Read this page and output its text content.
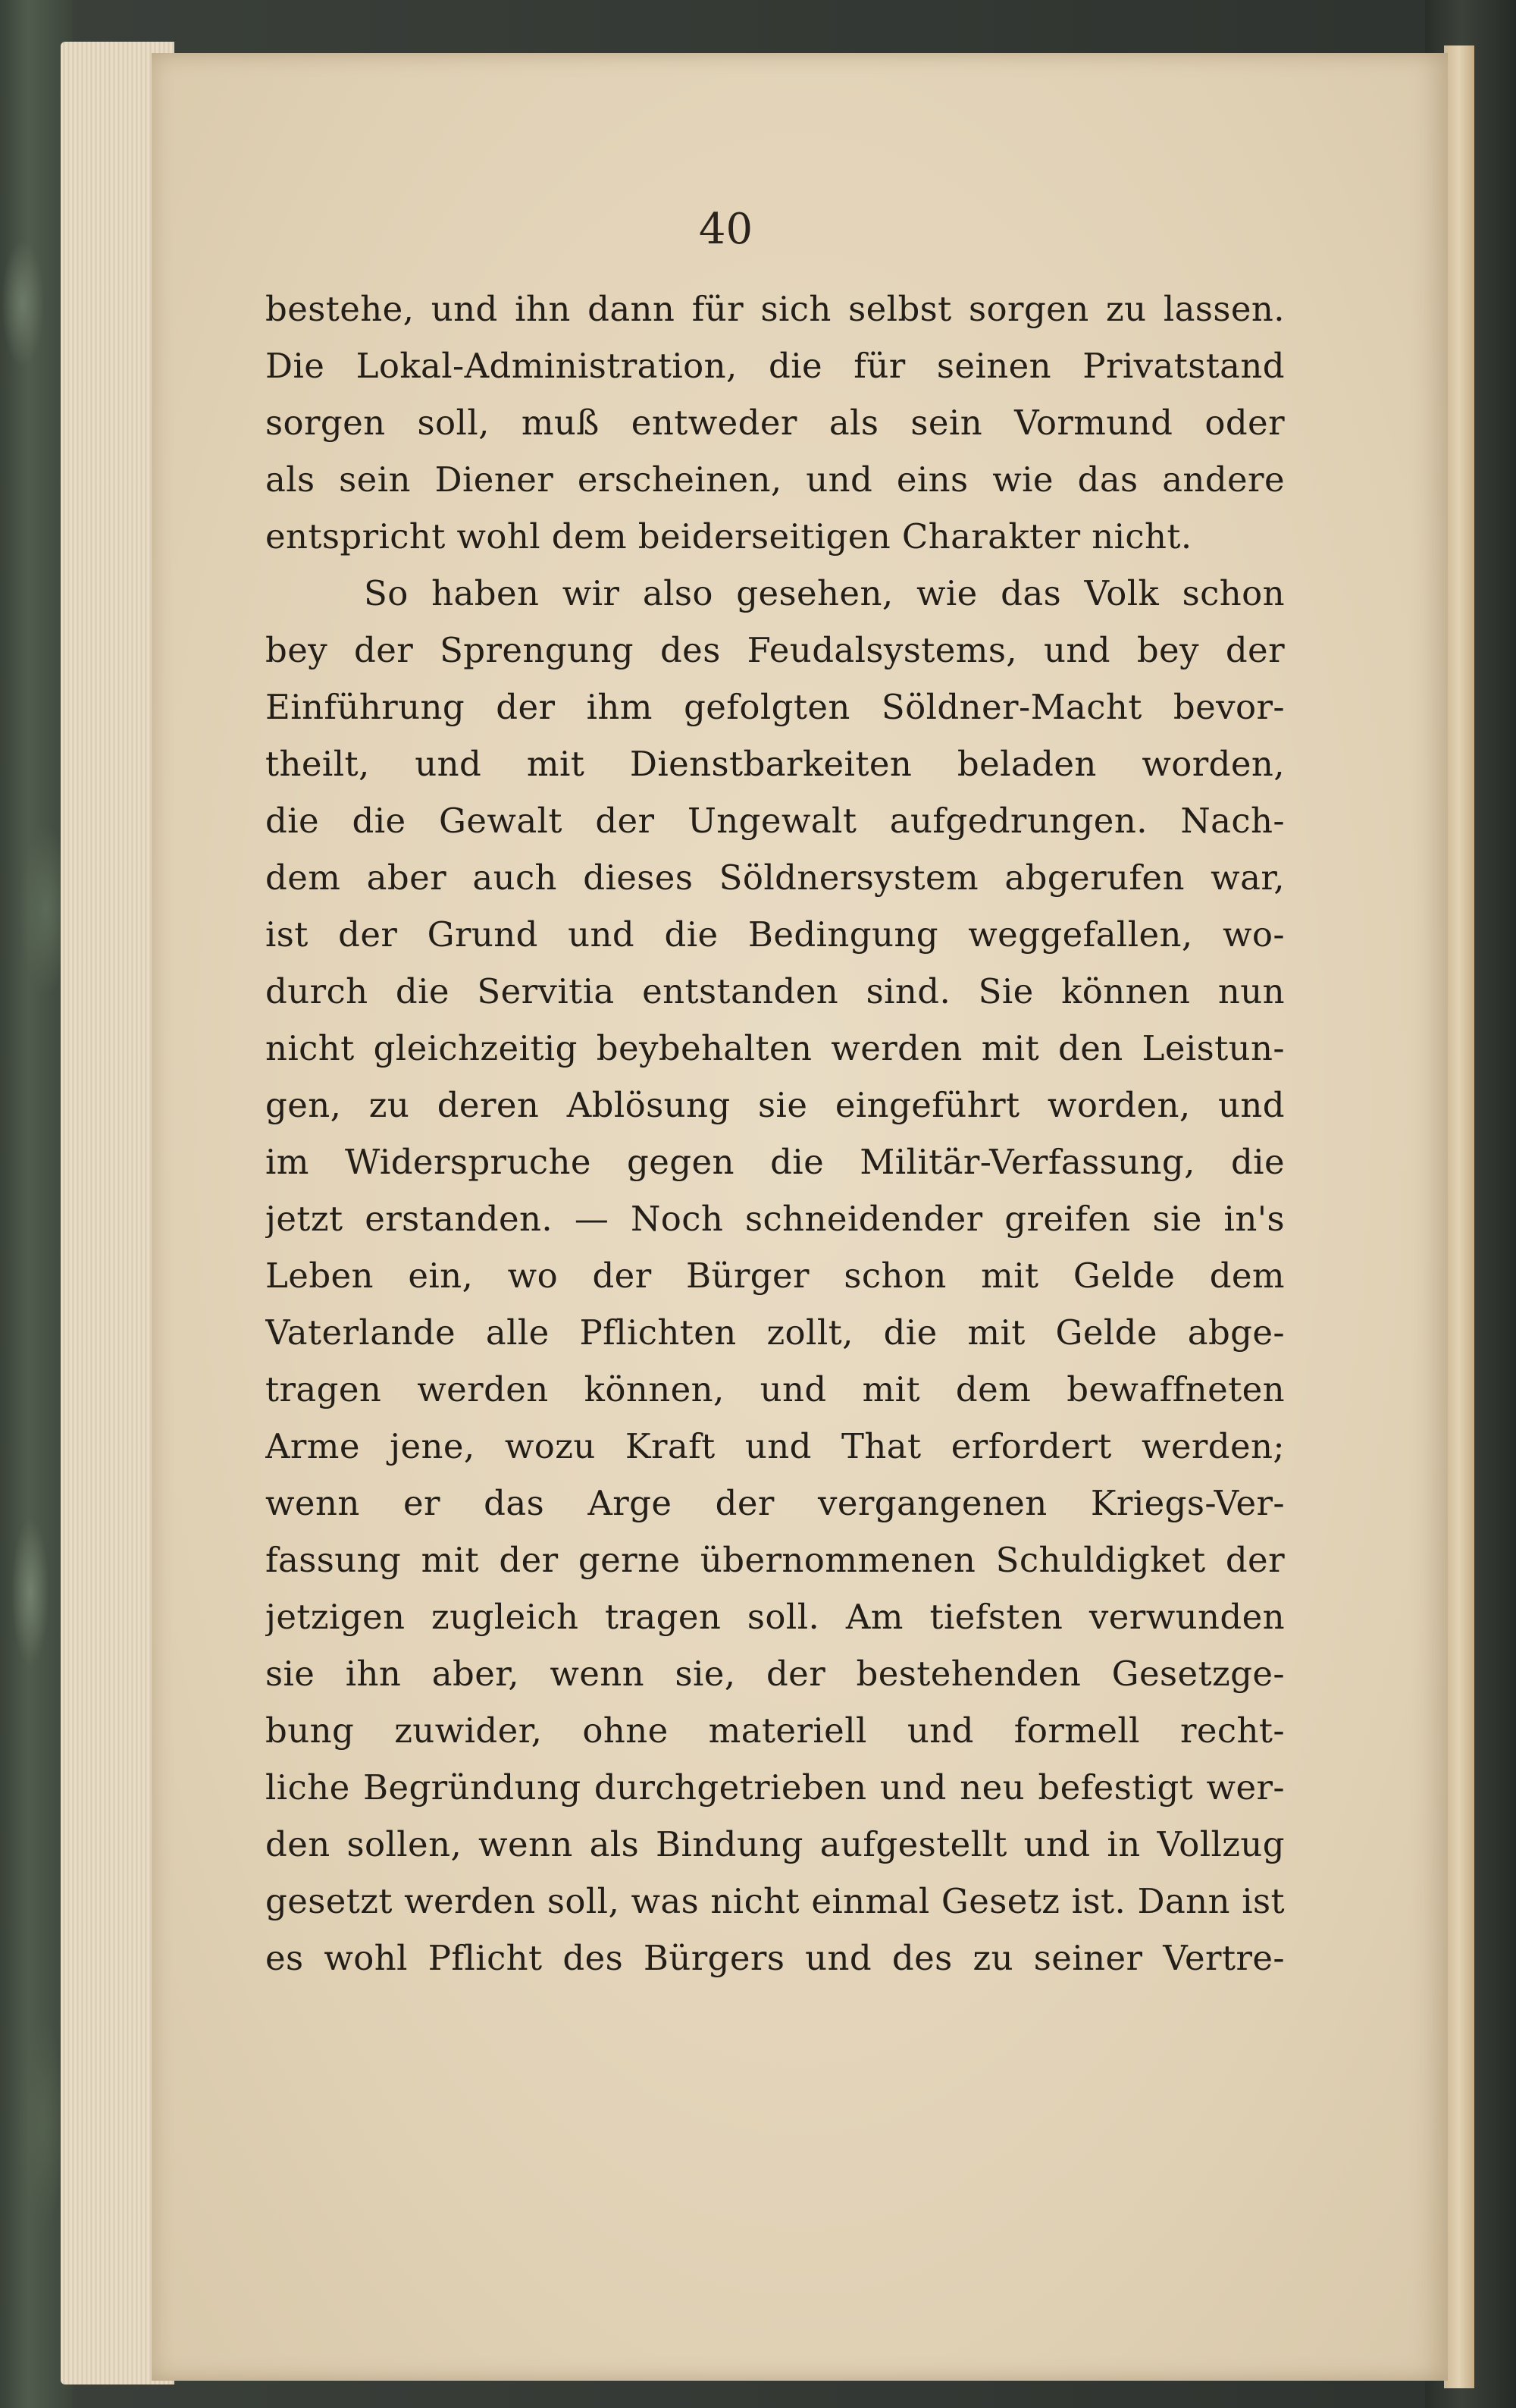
40

bestehe, und ihn dann für sich selbst sorgen zu lassen.
Die Lokal-Administration, die für seinen Privatstand
sorgen soll, muß entweder als sein Vormund oder
als sein Diener erscheinen, und eins wie das andere
entspricht wohl dem beiderseitigen Charakter nicht.
So haben wir also gesehen, wie das Volk schon
bey der Sprengung des Feudalsystems, und bey der
Einführung der ihm gefolgten Söldner-Macht bevor-
theilt, und mit Dienstbarkeiten beladen worden,
die die Gewalt der Ungewalt aufgedrungen. Nach-
dem aber auch dieses Söldnersystem abgerufen war,
ist der Grund und die Bedingung weggefallen, wo-
durch die Servitia entstanden sind. Sie können nun
nicht gleichzeitig beybehalten werden mit den Leistun-
gen, zu deren Ablösung sie eingeführt worden, und
im Widerspruche gegen die Militär-Verfassung, die
jetzt erstanden. — Noch schneidender greifen sie in's
Leben ein, wo der Bürger schon mit Gelde dem
Vaterlande alle Pflichten zollt, die mit Gelde abge-
tragen werden können, und mit dem bewaffneten
Arme jene, wozu Kraft und That erfordert werden;
wenn er das Arge der vergangenen Kriegs-Ver-
fassung mit der gerne übernommenen Schuldigket der
jetzigen zugleich tragen soll. Am tiefsten verwunden
sie ihn aber, wenn sie, der bestehenden Gesetzge-
bung zuwider, ohne materiell und formell recht-
liche Begründung durchgetrieben und neu befestigt wer-
den sollen, wenn als Bindung aufgestellt und in Vollzug
gesetzt werden soll, was nicht einmal Gesetz ist. Dann ist
es wohl Pflicht des Bürgers und des zu seiner Vertre-
